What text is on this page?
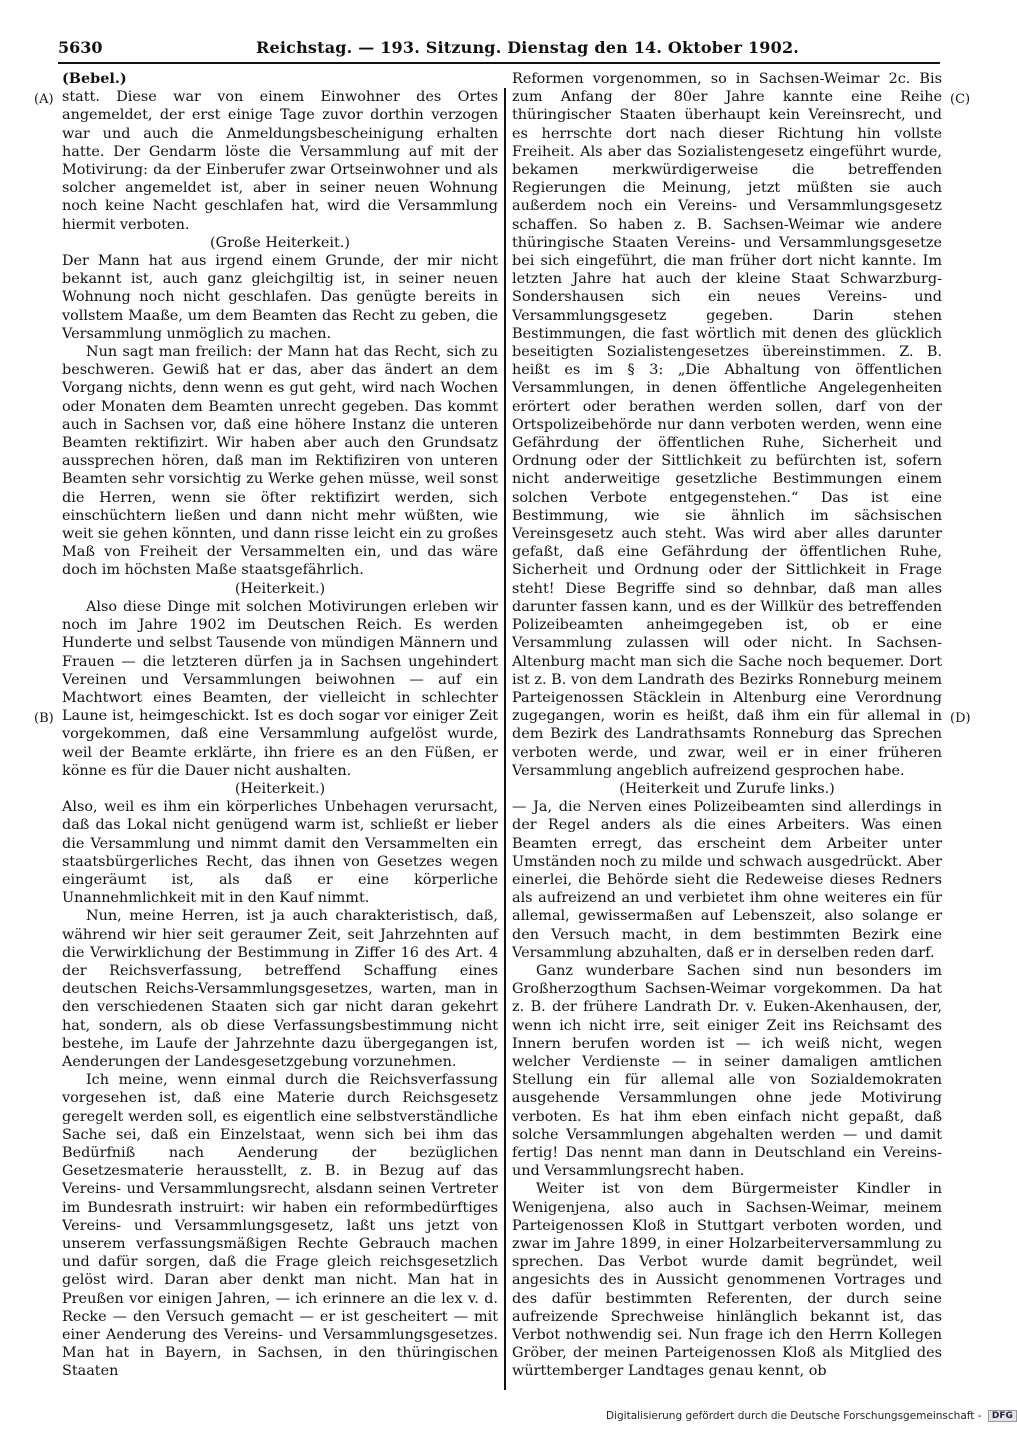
5630	Reichstag. — 193. Sitzung. Dienstag den 14. Oktober 1902.
(A)
(B)
(C)
(D)

(Bebel.)

statt. Diese war von einem Einwohner des Ortes angemeldet, der erst einige Tage zuvor dorthin verzogen war und auch die Anmeldungsbescheinigung erhalten hatte. Der Gendarm löste die Versammlung auf mit der Motivirung: da der Einberufer zwar Ortseinwohner und als solcher angemeldet ist, aber in seiner neuen Wohnung noch keine Nacht geschlafen hat, wird die Versammlung hiermit verboten.

(Große Heiterkeit.)

Der Mann hat aus irgend einem Grunde, der mir nicht bekannt ist, auch ganz gleichgiltig ist, in seiner neuen Wohnung noch nicht geschlafen. Das genügte bereits in vollstem Maaße, um dem Beamten das Recht zu geben, die Versammlung unmöglich zu machen.

Nun sagt man freilich: der Mann hat das Recht, sich zu beschweren. Gewiß hat er das, aber das ändert an dem Vorgang nichts, denn wenn es gut geht, wird nach Wochen oder Monaten dem Beamten unrecht gegeben. Das kommt auch in Sachsen vor, daß eine höhere Instanz die unteren Beamten rektifizirt. Wir haben aber auch den Grundsatz aussprechen hören, daß man im Rektifiziren von unteren Beamten sehr vorsichtig zu Werke gehen müsse, weil sonst die Herren, wenn sie öfter rektifizirt werden, sich einschüchtern ließen und dann nicht mehr wüßten, wie weit sie gehen könnten, und dann risse leicht ein zu großes Maß von Freiheit der Versammelten ein, und das wäre doch im höchsten Maße staatsgefährlich.

(Heiterkeit.)

Also diese Dinge mit solchen Motivirungen erleben wir noch im Jahre 1902 im Deutschen Reich. Es werden Hunderte und selbst Tausende von mündigen Männern und Frauen — die letzteren dürfen ja in Sachsen ungehindert Vereinen und Versammlungen beiwohnen — auf ein Machtwort eines Beamten, der vielleicht in schlechter Laune ist, heimgeschickt. Ist es doch sogar vor einiger Zeit vorgekommen, daß eine Versammlung aufgelöst wurde, weil der Beamte erklärte, ihn friere es an den Füßen, er könne es für die Dauer nicht aushalten.

(Heiterkeit.)

Also, weil es ihm ein körperliches Unbehagen verursacht, daß das Lokal nicht genügend warm ist, schließt er lieber die Versammlung und nimmt damit den Versammelten ein staatsbürgerliches Recht, das ihnen von Gesetzes wegen eingeräumt ist, als daß er eine körperliche Unannehmlichkeit mit in den Kauf nimmt.

Nun, meine Herren, ist ja auch charakteristisch, daß, während wir hier seit geraumer Zeit, seit Jahrzehnten auf die Verwirklichung der Bestimmung in Ziffer 16 des Art. 4 der Reichsverfassung, betreffend Schaffung eines deutschen Reichs-Versammlungsgesetzes, warten, man in den verschiedenen Staaten sich gar nicht daran gekehrt hat, sondern, als ob diese Verfassungsbestimmung nicht bestehe, im Laufe der Jahrzehnte dazu übergegangen ist, Aenderungen der Landesgesetzgebung vorzunehmen.

Ich meine, wenn einmal durch die Reichsverfassung vorgesehen ist, daß eine Materie durch Reichsgesetz geregelt werden soll, es eigentlich eine selbstverständliche Sache sei, daß ein Einzelstaat, wenn sich bei ihm das Bedürfniß nach Aenderung der bezüglichen Gesetzesmaterie herausstellt, z. B. in Bezug auf das Vereins- und Versammlungsrecht, alsdann seinen Vertreter im Bundesrath instruirt: wir haben ein reformbedürftiges Vereins- und Versammlungsgesetz, laßt uns jetzt von unserem verfassungsmäßigen Rechte Gebrauch machen und dafür sorgen, daß die Frage gleich reichsgesetzlich gelöst wird. Daran aber denkt man nicht. Man hat in Preußen vor einigen Jahren, — ich erinnere an die lex v. d. Recke — den Versuch gemacht — er ist gescheitert — mit einer Aenderung des Vereins- und Versammlungsgesetzes. Man hat in Bayern, in Sachsen, in den thüringischen Staaten

Reformen vorgenommen, so in Sachsen-Weimar 2c. Bis zum Anfang der 80er Jahre kannte eine Reihe thüringischer Staaten überhaupt kein Vereinsrecht, und es herrschte dort nach dieser Richtung hin vollste Freiheit. Als aber das Sozialistengesetz eingeführt wurde, bekamen merkwürdigerweise die betreffenden Regierungen die Meinung, jetzt müßten sie auch außerdem noch ein Vereins- und Versammlungsgesetz schaffen. So haben z. B. Sachsen-Weimar wie andere thüringische Staaten Vereins- und Versammlungsgesetze bei sich eingeführt, die man früher dort nicht kannte. Im letzten Jahre hat auch der kleine Staat Schwarzburg-Sondershausen sich ein neues Vereins- und Versammlungsgesetz gegeben. Darin stehen Bestimmungen, die fast wörtlich mit denen des glücklich beseitigten Sozialistengesetzes übereinstimmen. Z. B. heißt es im § 3: „Die Abhaltung von öffentlichen Versammlungen, in denen öffentliche Angelegenheiten erörtert oder berathen werden sollen, darf von der Ortspolizeibehörde nur dann verboten werden, wenn eine Gefährdung der öffentlichen Ruhe, Sicherheit und Ordnung oder der Sittlichkeit zu befürchten ist, sofern nicht anderweitige gesetzliche Bestimmungen einem solchen Verbote entgegenstehen.“ Das ist eine Bestimmung, wie sie ähnlich im sächsischen Vereinsgesetz auch steht. Was wird aber alles darunter gefaßt, daß eine Gefährdung der öffentlichen Ruhe, Sicherheit und Ordnung oder der Sittlichkeit in Frage steht! Diese Begriffe sind so dehnbar, daß man alles darunter fassen kann, und es der Willkür des betreffenden Polizeibeamten anheimgegeben ist, ob er eine Versammlung zulassen will oder nicht. In Sachsen-Altenburg macht man sich die Sache noch bequemer. Dort ist z. B. von dem Landrath des Bezirks Ronneburg meinem Parteigenossen Stäcklein in Altenburg eine Verordnung zugegangen, worin es heißt, daß ihm ein für allemal in dem Bezirk des Landrathsamts Ronneburg das Sprechen verboten werde, und zwar, weil er in einer früheren Versammlung angeblich aufreizend gesprochen habe.

(Heiterkeit und Zurufe links.)

— Ja, die Nerven eines Polizeibeamten sind allerdings in der Regel anders als die eines Arbeiters. Was einen Beamten erregt, das erscheint dem Arbeiter unter Umständen noch zu milde und schwach ausgedrückt. Aber einerlei, die Behörde sieht die Redeweise dieses Redners als aufreizend an und verbietet ihm ohne weiteres ein für allemal, gewissermaßen auf Lebenszeit, also solange er den Versuch macht, in dem bestimmten Bezirk eine Versammlung abzuhalten, daß er in derselben reden darf.

Ganz wunderbare Sachen sind nun besonders im Großherzogthum Sachsen-Weimar vorgekommen. Da hat z. B. der frühere Landrath Dr. v. Euken-Akenhausen, der, wenn ich nicht irre, seit einiger Zeit ins Reichsamt des Innern berufen worden ist — ich weiß nicht, wegen welcher Verdienste — in seiner damaligen amtlichen Stellung ein für allemal alle von Sozialdemokraten ausgehende Versammlungen ohne jede Motivirung verboten. Es hat ihm eben einfach nicht gepaßt, daß solche Versammlungen abgehalten werden — und damit fertig! Das nennt man dann in Deutschland ein Vereins- und Versammlungsrecht haben.

Weiter ist von dem Bürgermeister Kindler in Wenigenjena, also auch in Sachsen-Weimar, meinem Parteigenossen Kloß in Stuttgart verboten worden, und zwar im Jahre 1899, in einer Holzarbeiterversammlung zu sprechen. Das Verbot wurde damit begründet, weil angesichts des in Aussicht genommenen Vortrages und des dafür bestimmten Referenten, der durch seine aufreizende Sprechweise hinlänglich bekannt ist, das Verbot nothwendig sei. Nun frage ich den Herrn Kollegen Gröber, der meinen Parteigenossen Kloß als Mitglied des württemberger Landtages genau kennt, ob

Digitalisierung gefördert durch die Deutsche Forschungsgemeinschaft - DFG
